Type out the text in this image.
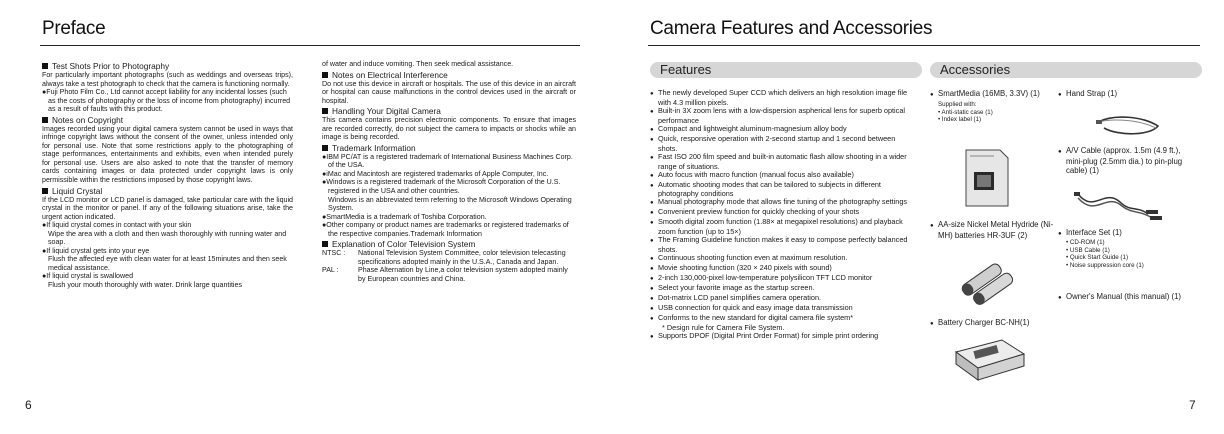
Preface
Test Shots Prior to Photography

For particularly important photographs (such as weddings and overseas trips), always take a test photograph to check that the camera is functioning normally.

●Fuji Photo Film Co., Ltd cannot accept liability for any incidental losses (such as the costs of photography or the loss of income from photography) incurred as a result of faults with this product.

Notes on Copyright

Images recorded using your digital camera system cannot be used in ways that infringe copyright laws without the consent of the owner, unless intended only for personal use. Note that some restrictions apply to the photographing of stage performances, entertainments and exhibits, even when intended purely for personal use. Users are also asked to note that the transfer of memory cards containing images or data protected under copyright laws is only permissible within the restrictions imposed by those copyright laws.

Liquid Crystal

If the LCD monitor or LCD panel is damaged, take particular care with the liquid crystal in the monitor or panel. If any of the following situations arise, take the urgent action indicated.

●If liquid crystal comes in contact with your skin

Wipe the area with a cloth and then wash thoroughly with running water and soap.

●If liquid crystal gets into your eye

Flush the affected eye with clean water for at least 15minutes and then seek medical assistance.

●If liquid crystal is swallowed

Flush your mouth thoroughly with water. Drink large quantities

of water and induce vomiting. Then seek medical assistance.

Notes on Electrical Interference

Do not use this device in aircraft or hospitals. The use of this device in an aircraft or hospital can cause malfunctions in the control devices used in the aircraft or hospital.

Handling Your Digital Camera

This camera contains precision electronic components. To ensure that images are recorded correctly, do not subject the camera to impacts or shocks while an image is being recorded.

Trademark Information

●IBM PC/AT is a registered trademark of International Business Machines Corp. of the USA.

●iMac and Macintosh are registered trademarks of Apple Computer, Inc.

●Windows is a registered trademark of the Microsoft Corporation of the U.S. registered in the USA and other countries.

Windows is an abbreviated term referring to the Microsoft Windows Operating System.

●SmartMedia is a trademark of Toshiba Corporation.

●Other company or product names are trademarks or registered trademarks of the respective companies.Trademark Information

Explanation of Color Television System
NTSC :	National Television System Committee, color television telecasting specifications adopted mainly in the U.S.A., Canada and Japan.
PAL :	Phase Alternation by Line,a color television system adopted mainly by European countries and China.
6
Camera Features and Accessories
Features
● The newly developed Super CCD which delivers an high resolution image file with 4.3 million pixels.
● Built-in 3X zoom lens with a low-dispersion aspherical lens for superb optical performance
● Compact and lightweight aluminum-magnesium alloy body
● Quick, responsive operation with 2-second startup and 1 second between shots.
● Fast ISO 200 film speed and built-in automatic flash allow shooting in a wider range of situations.
● Auto focus with macro function (manual focus also available)
● Automatic shooting modes that can be tailored to subjects in different photography conditions
● Manual photography mode that allows fine tuning of the photography settings
● Convenient preview function for quickly checking of your shots
● Smooth digital zoom function (1.88× at megapixel resolutions) and playback zoom function (up to 15×)
● The Framing Guideline function makes it easy to compose perfectly balanced shots.
● Continuous shooting function even at maximum resolution.
● Movie shooting function (320 × 240 pixels with sound)
● 2-inch 130,000-pixel low-temperature polysilicon TFT LCD monitor
● Select your favorite image as the startup screen.
● Dot-matrix LCD panel simplifies camera operation.
● USB connection for quick and easy image data transmission
● Conforms to the new standard for digital camera file system*
* Design rule for Camera File System.
● Supports DPOF (Digital Print Order Format) for simple print ordering
Accessories
● SmartMedia (16MB, 3.3V) (1)
Supplied with:
• Anti-static case (1)
• Index label (1)
● AA-size Nickel Metal Hydride (Ni-MH) batteries HR-3UF (2)
● Battery Charger BC-NH(1)
● Hand Strap (1)
● A/V Cable (approx. 1.5m (4.9 ft.), mini-plug (2.5mm dia.) to pin-plug cable) (1)
● Interface Set (1)
• CD-ROM (1)
• USB Cable (1)
• Quick Start Guide (1)
• Noise suppression core (1)
● Owner's Manual (this manual) (1)
7
